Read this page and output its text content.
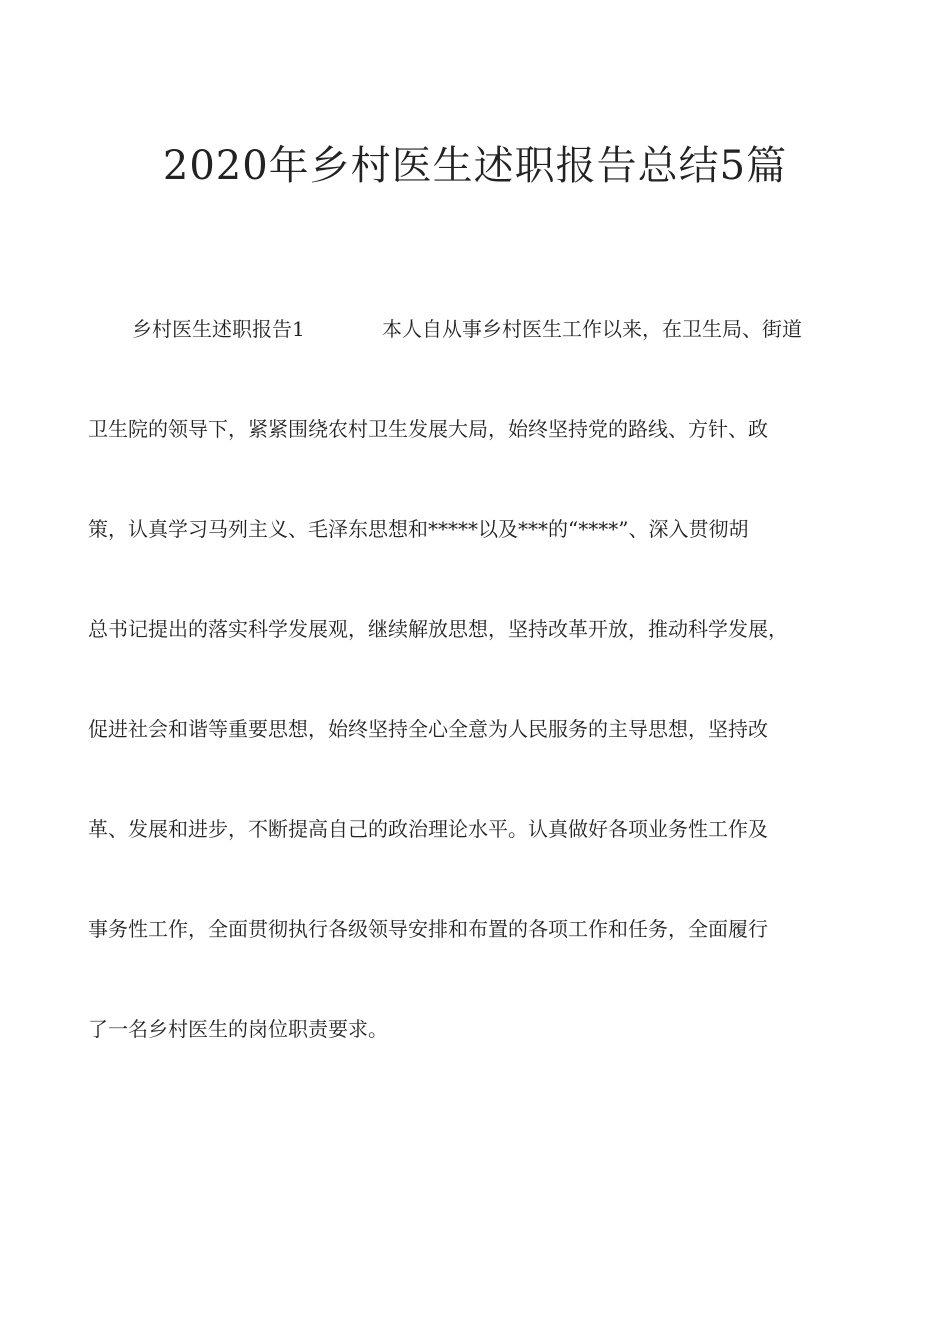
2020年乡村医生述职报告总结5篇
乡村医生述职报告1	本人自从事乡村医生工作以来，在卫生局、街道
卫生院的领导下，紧紧围绕农村卫生发展大局，始终坚持党的路线、方针、政
策，认真学习马列主义、毛泽东思想和*****以及***的“****”、深入贯彻胡
总书记提出的落实科学发展观，继续解放思想，坚持改革开放，推动科学发展，
促进社会和谐等重要思想，始终坚持全心全意为人民服务的主导思想，坚持改
革、发展和进步，不断提高自己的政治理论水平。认真做好各项业务性工作及
事务性工作，全面贯彻执行各级领导安排和布置的各项工作和任务，全面履行
了一名乡村医生的岗位职责要求。
